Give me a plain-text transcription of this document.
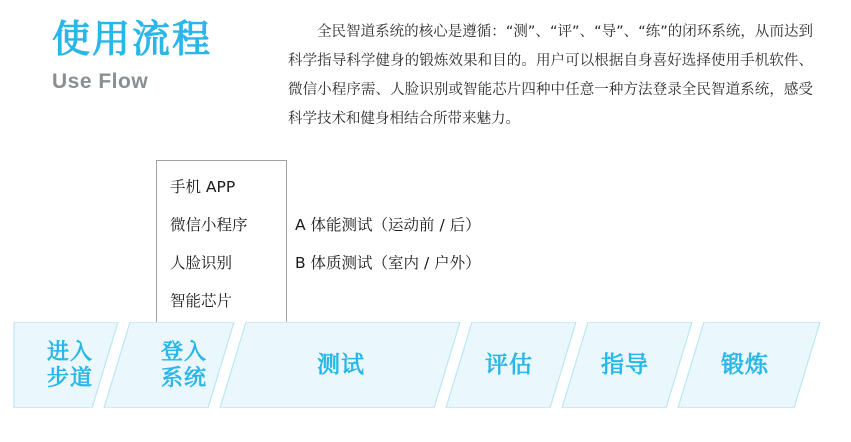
使用流程
Use Flow
全民智道系统的核心是遵循：“测”、“评”、“导”、“练”的闭环系统，从而达到科学指导科学健身的锻炼效果和目的。用户可以根据自身喜好选择使用手机软件、微信小程序需、人脸识别或智能芯片四种中任意一种方法登录全民智道系统，感受科学技术和健身相结合所带来魅力。
手机 APP
微信小程序
人脸识别
智能芯片
A 体能测试（运动前 / 后）
B 体质测试（室内 / 户外）
进入
步道
登入
系统
测试	评估	指导	锻炼
